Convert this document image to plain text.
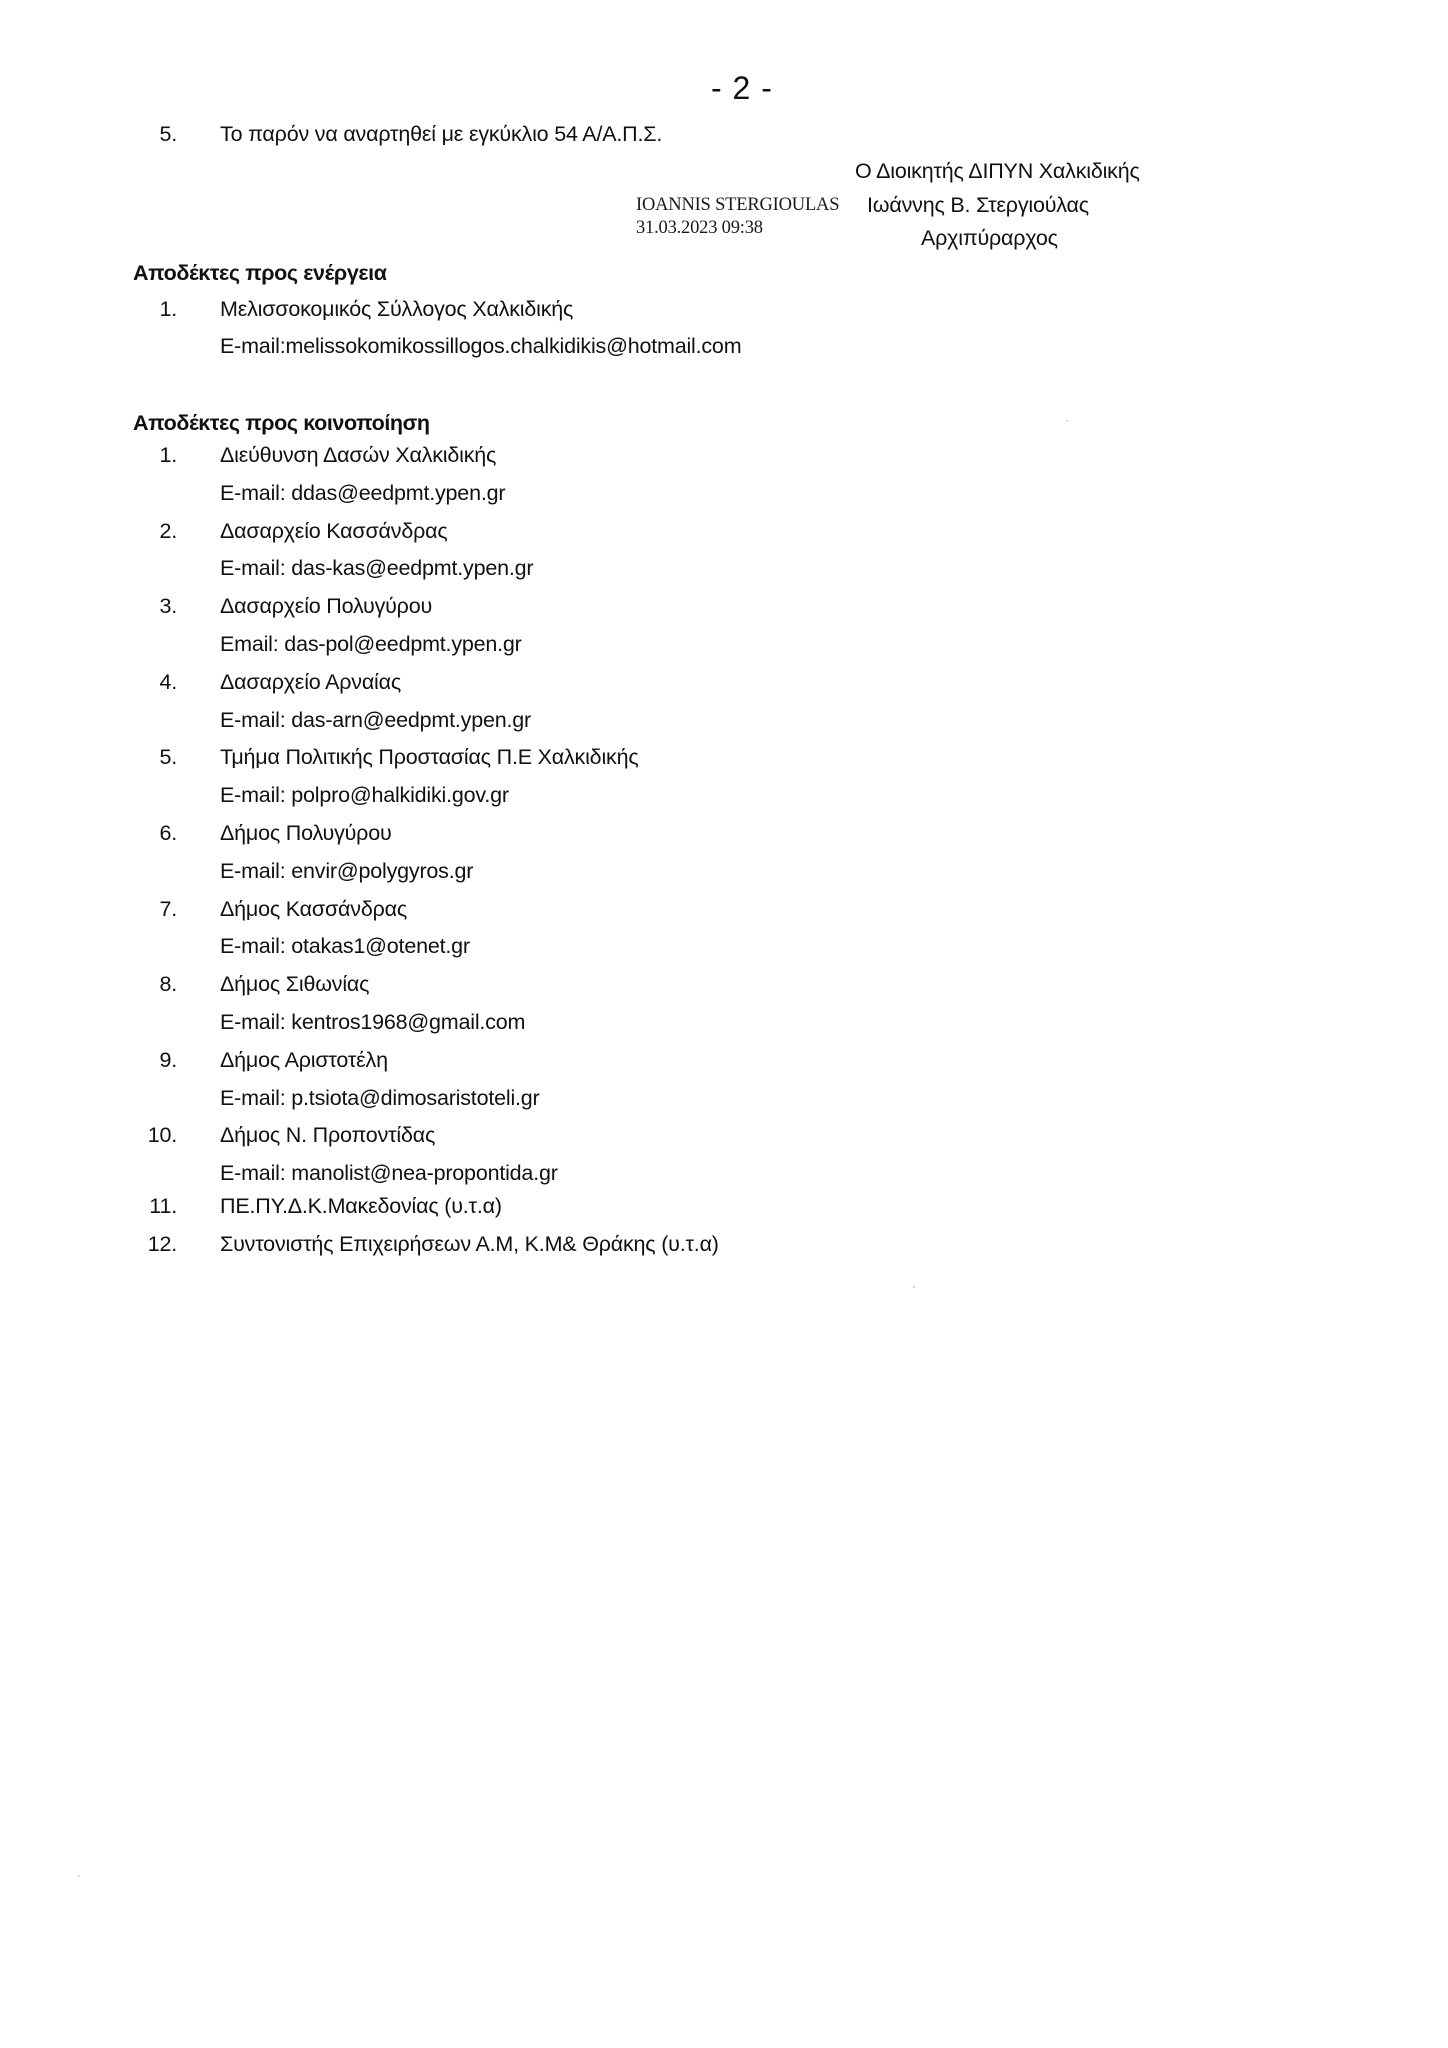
- 2 -
5. Το παρόν να αναρτηθεί με εγκύκλιο 54 Α/Α.Π.Σ.
Ο Διοικητής ΔΙΠΥΝ Χαλκιδικής
IOANNIS STERGIOULAS
31.03.2023 09:38
Ιωάννης Β. Στεργιούλας
Αρχιπύραρχος
Αποδέκτες προς ενέργεια
1. Μελισσοκομικός Σύλλογος Χαλκιδικής
E-mail:melissokomikossillogos.chalkidikis@hotmail.com
Αποδέκτες προς κοινοποίηση
1. Διεύθυνση Δασών Χαλκιδικής
E-mail: ddas@eedpmt.ypen.gr
2. Δασαρχείο Κασσάνδρας
E-mail: das-kas@eedpmt.ypen.gr
3. Δασαρχείο Πολυγύρου
Email: das-pol@eedpmt.ypen.gr
4. Δασαρχείο Αρναίας
E-mail: das-arn@eedpmt.ypen.gr
5. Τμήμα Πολιτικής Προστασίας Π.Ε Χαλκιδικής
E-mail: polpro@halkidiki.gov.gr
6. Δήμος Πολυγύρου
E-mail: envir@polygyros.gr
7. Δήμος Κασσάνδρας
E-mail: otakas1@otenet.gr
8. Δήμος Σιθωνίας
E-mail: kentros1968@gmail.com
9. Δήμος Αριστοτέλη
E-mail: p.tsiota@dimosaristoteli.gr
10. Δήμος Ν. Προποντίδας
E-mail: manolist@nea-propontida.gr
11. ΠΕ.ΠΥ.Δ.Κ.Μακεδονίας (υ.τ.α)
12. Συντονιστής Επιχειρήσεων Α.Μ, Κ.Μ& Θράκης (υ.τ.α)
